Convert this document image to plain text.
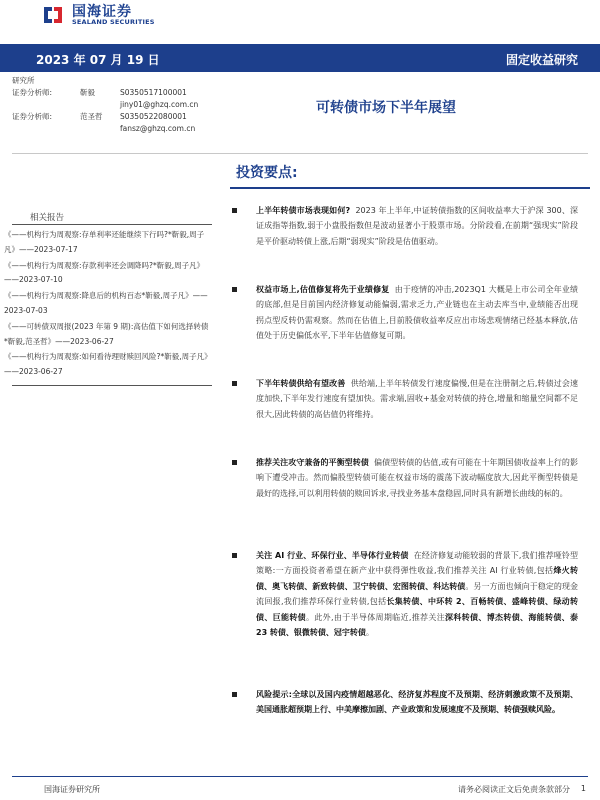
国海证券
SEALAND SECURITIES
2023 年 07 月 19 日	固定收益研究
研究所
证券分析师:	靳毅	S0350517100001
jiny01@ghzq.com.cn
证券分析师:	范圣哲 S0350522080001
fansz@ghzq.com.cn
可转债市场下半年展望
投资要点:
相关报告
《——机构行为周观察:存单利率还能继续下行吗?*靳毅,周子凡》——2023-07-17
《——机构行为周观察:存款利率还会调降吗?*靳毅,周子凡》——2023-07-10
《——机构行为周观察:降息后的机构百态*靳毅,周子凡》——2023-07-03
《——可转债双周报(2023 年第 9 期):高估值下如何选择转债*靳毅,范圣哲》——2023-06-27
《——机构行为周观察:如何看待理财赎回风险?*靳毅,周子凡》——2023-06-27
上半年转债市场表现如何? 2023 年上半年,中证转债指数的区间收益率大于沪深 300、深证成指等指数,弱于小盘股指数但是波动显著小于股票市场。分阶段看,在前期“强现实”阶段是平价驱动转债上涨,后期“弱现实”阶段是估值驱动。
权益市场上,估值修复将先于业绩修复 由于疫情的冲击,2023Q1 大概是上市公司全年业绩的底部,但是目前国内经济修复动能偏弱,需求乏力,产业链也在主动去库当中,业绩能否出现拐点型反转仍需观察。然而在估值上,目前股债收益率反应出市场悲观情绪已经基本释放,估值处于历史偏低水平,下半年估值修复可期。
下半年转债供给有望改善 供给端,上半年转债发行速度偏慢,但是在注册制之后,转债过会速度加快,下半年发行速度有望加快。需求端,固收+基金对转债的持仓,增量和缩量空间都不足很大,因此转债的高估值仍将维持。
推荐关注攻守兼备的平衡型转债 偏债型转债的估值,或有可能在十年期国债收益率上行的影响下遭受冲击。然而偏股型转债可能在权益市场的震荡下波动幅度放大,因此平衡型转债是最好的选择,可以利用转债的赎回诉求,寻找业务基本盘稳固,同时具有新增长曲线的标的。
关注 AI 行业、环保行业、半导体行业转债 在经济修复动能较弱的背景下,我们推荐哑铃型策略:一方面投资者希望在新产业中获得弹性收益,我们推荐关注 AI 行业转债,包括烽火转债、奥飞转债、新致转债、卫宁转债、宏图转债、科达转债。另一方面也倾向于稳定的现金流回报,我们推荐环保行业转债,包括长集转债、中环转 2、百畅转债、盛峰转债、绿动转债、巨能转债。此外,由于半导体周期临近,推荐关注深科转债、博杰转债、海能转债、泰 23 转债、银微转债、冠宇转债。
风险提示:全球以及国内疫情超越恶化、经济复苏程度不及预期、经济刺激政策不及预期、美国通胀超预期上行、中美摩擦加剧、产业政策和发展速度不及预期、转债强赎风险。
国海证券研究所	请务必阅读正文后免责条款部分 1
